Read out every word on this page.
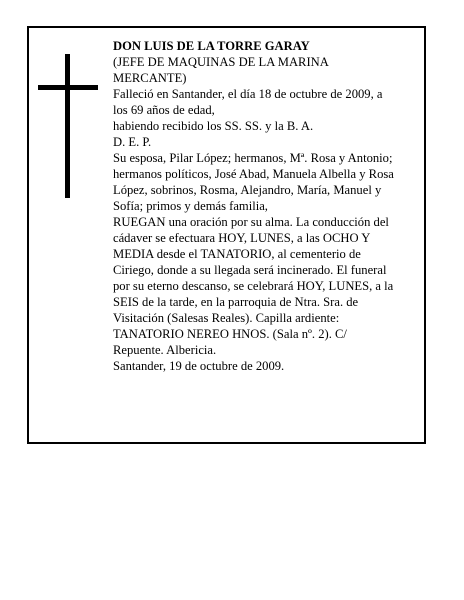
DON LUIS DE LA TORRE GARAY
(JEFE DE MAQUINAS DE LA MARINA
MERCANTE)
Falleció en Santander, el día 18 de octubre de 2009, a
los 69 años de edad,
habiendo recibido los SS. SS. y la B. A.
D. E. P.
Su esposa, Pilar López; hermanos, Mª. Rosa y Antonio;
hermanos políticos, José Abad, Manuela Albella y Rosa
López, sobrinos, Rosma, Alejandro, María, Manuel y
Sofía; primos y demás familia,
RUEGAN una oración por su alma. La conducción del
cádaver se efectuara HOY, LUNES, a las OCHO Y
MEDIA desde el TANATORIO, al cementerio de
Ciriego, donde a su llegada será incinerado. El funeral
por su eterno descanso, se celebrará HOY, LUNES, a la
SEIS de la tarde, en la parroquia de Ntra. Sra. de
Visitación (Salesas Reales). Capilla ardiente:
TANATORIO NEREO HNOS. (Sala nº. 2). C/
Repuente. Albericia.
Santander, 19 de octubre de 2009.
